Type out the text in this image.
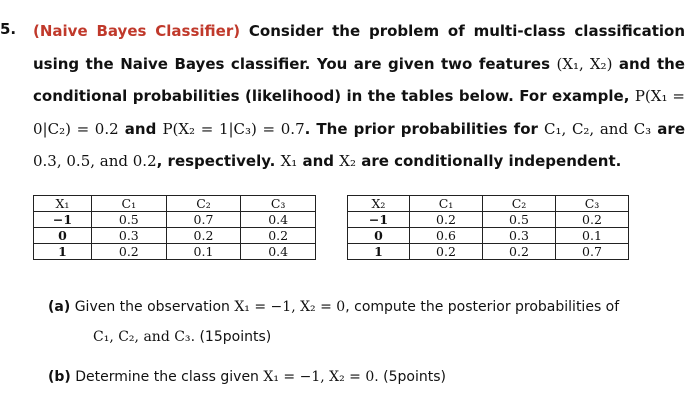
5. (Naive Bayes Classifier) Consider the problem of multi-class classification using the Naive Bayes classifier. You are given two features (X₁, X₂) and the conditional probabilities (likelihood) in the tables below. For example, P(X₁ = 0|C₂) = 0.2 and P(X₂ = 1|C₃) = 0.7. The prior probabilities for C₁, C₂, and C₃ are 0.3, 0.5, and 0.2, respectively. X₁ and X₂ are conditionally independent.
X₁	C₁	C₂	C₃
−1	0.5	0.7	0.4
0	0.3	0.2	0.2
1	0.2	0.1	0.4
X₂	C₁	C₂	C₃
−1	0.2	0.5	0.2
0	0.6	0.3	0.1
1	0.2	0.2	0.7
(a) Given the observation X₁ = −1, X₂ = 0, compute the posterior probabilities of
C₁, C₂, and C₃. (15points)
(b) Determine the class given X₁ = −1, X₂ = 0. (5points)
